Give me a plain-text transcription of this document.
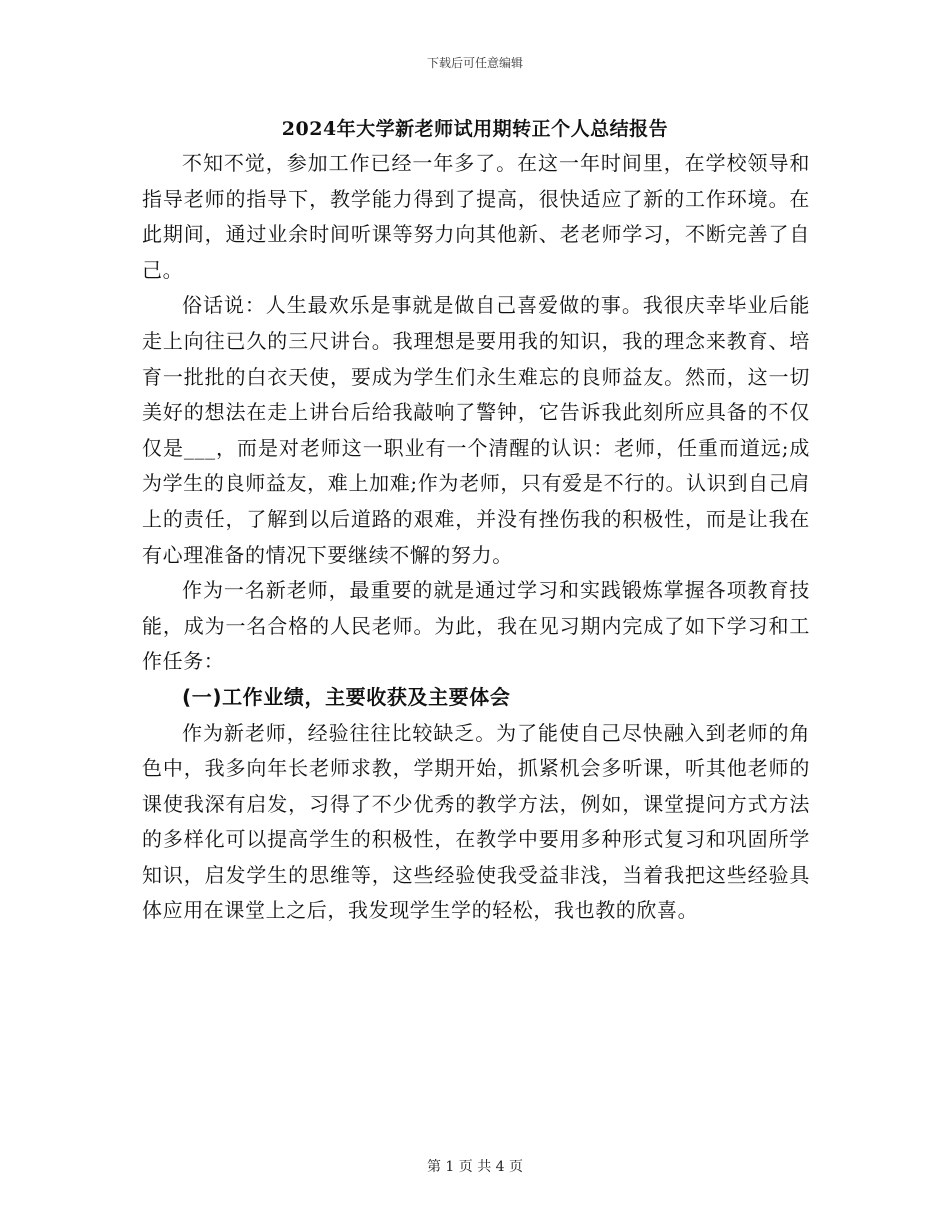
下载后可任意编辑
2024年大学新老师试用期转正个人总结报告

不知不觉，参加工作已经一年多了。在这一年时间里，在学校领导和指导老师的指导下，教学能力得到了提高，很快适应了新的工作环境。在此期间，通过业余时间听课等努力向其他新、老老师学习，不断完善了自己。

俗话说：人生最欢乐是事就是做自己喜爱做的事。我很庆幸毕业后能走上向往已久的三尺讲台。我理想是要用我的知识，我的理念来教育、培育一批批的白衣天使，要成为学生们永生难忘的良师益友。然而，这一切美好的想法在走上讲台后给我敲响了警钟，它告诉我此刻所应具备的不仅仅是___，而是对老师这一职业有一个清醒的认识：老师，任重而道远;成为学生的良师益友，难上加难;作为老师，只有爱是不行的。认识到自己肩上的责任，了解到以后道路的艰难，并没有挫伤我的积极性，而是让我在有心理准备的情况下要继续不懈的努力。

作为一名新老师，最重要的就是通过学习和实践锻炼掌握各项教育技能，成为一名合格的人民老师。为此，我在见习期内完成了如下学习和工作任务：

(一)工作业绩，主要收获及主要体会

作为新老师，经验往往比较缺乏。为了能使自己尽快融入到老师的角色中，我多向年长老师求教，学期开始，抓紧机会多听课，听其他老师的课使我深有启发，习得了不少优秀的教学方法，例如，课堂提问方式方法的多样化可以提高学生的积极性，在教学中要用多种形式复习和巩固所学知识，启发学生的思维等，这些经验使我受益非浅，当着我把这些经验具体应用在课堂上之后，我发现学生学的轻松，我也教的欣喜。

第 1 页 共 4 页
